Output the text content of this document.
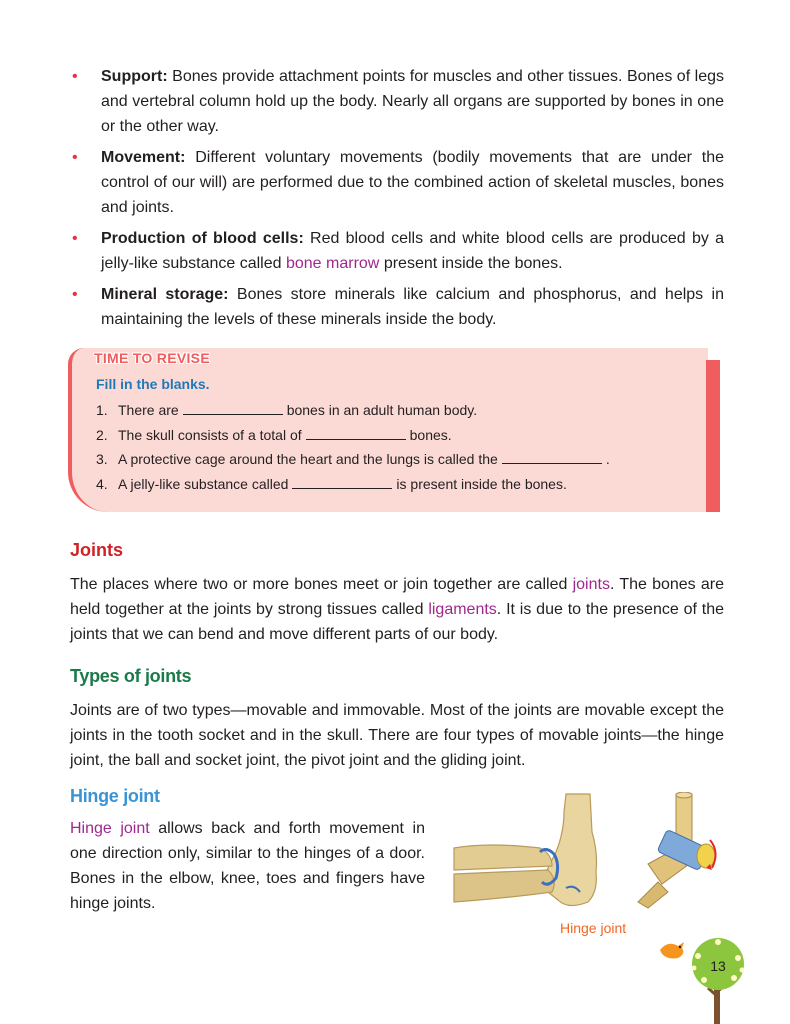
• Support: Bones provide attachment points for muscles and other tissues. Bones of legs and vertebral column hold up the body. Nearly all organs are supported by bones in one or the other way.
• Movement: Different voluntary movements (bodily movements that are under the control of our will) are performed due to the combined action of skeletal muscles, bones and joints.
• Production of blood cells: Red blood cells and white blood cells are produced by a jelly-like substance called bone marrow present inside the bones.
• Mineral storage: Bones store minerals like calcium and phosphorus, and helps in maintaining the levels of these minerals inside the body.
TIME TO REVISE
Fill in the blanks.
1. There are	bones in an adult human body.
2. The skull consists of a total of	bones.
3. A protective cage around the heart and the lungs is called the	.
4. A jelly-like substance called	is present inside the bones.
Joints
The places where two or more bones meet or join together are called joints. The bones are held together at the joints by strong tissues called ligaments. It is due to the presence of the joints that we can bend and move different parts of our body.
Types of joints
Joints are of two types—movable and immovable. Most of the joints are movable except the joints in the tooth socket and in the skull. There are four types of movable joints—the hinge joint, the ball and socket joint, the pivot joint and the gliding joint.
Hinge joint
Hinge joint allows back and forth movement in one direction only, similar to the hinges of a door. Bones in the elbow, knee, toes and fingers have hinge joints.
Hinge joint
13
